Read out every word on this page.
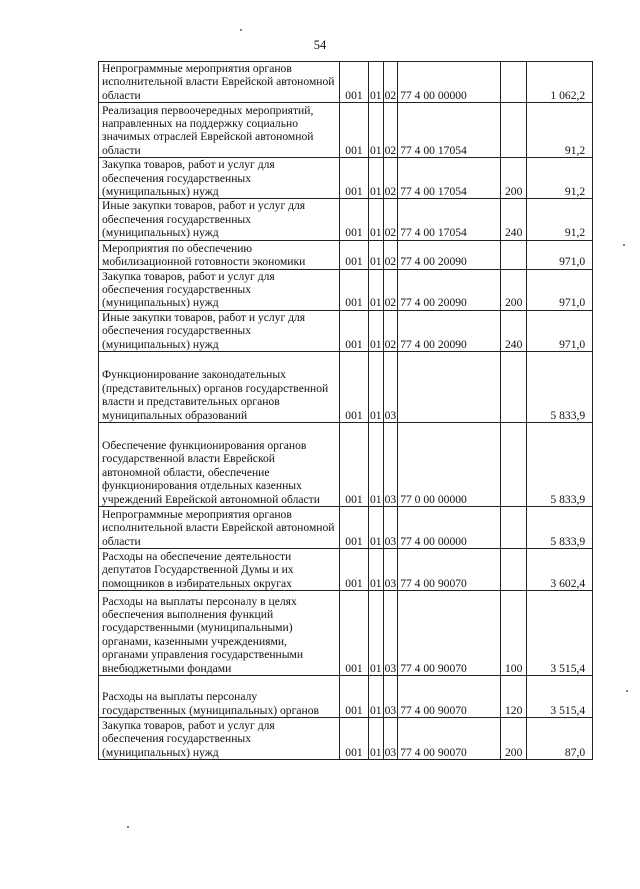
54
Непрограммные мероприятия органов исполнительной власти Еврейской автономной области	001	01	02	77 4 00 00000		1 062,2
Реализация первоочередных мероприятий, направленных на поддержку социально значимых отраслей Еврейской автономной области	001	01	02	77 4 00 17054		91,2
Закупка товаров, работ и услуг для обеспечения государственных (муниципальных) нужд	001	01	02	77 4 00 17054	200	91,2
Иные закупки товаров, работ и услуг для обеспечения государственных (муниципальных) нужд	001	01	02	77 4 00 17054	240	91,2
Мероприятия по обеспечению мобилизационной готовности экономики	001	01	02	77 4 00 20090		971,0
Закупка товаров, работ и услуг для обеспечения государственных (муниципальных) нужд	001	01	02	77 4 00 20090	200	971,0
Иные закупки товаров, работ и услуг для обеспечения государственных (муниципальных) нужд	001	01	02	77 4 00 20090	240	971,0
Функционирование законодательных (представительных) органов государственной власти и представительных органов муниципальных образований	001	01	03			5 833,9
Обеспечение функционирования органов государственной власти Еврейской автономной области, обеспечение функционирования отдельных казенных учреждений Еврейской автономной области	001	01	03	77 0 00 00000		5 833,9
Непрограммные мероприятия органов исполнительной власти Еврейской автономной области	001	01	03	77 4 00 00000		5 833,9
Расходы на обеспечение деятельности депутатов Государственной Думы и их помощников в избирательных округах	001	01	03	77 4 00 90070		3 602,4
Расходы на выплаты персоналу в целях обеспечения выполнения функций государственными (муниципальными) органами, казенными учреждениями, органами управления государственными внебюджетными фондами	001	01	03	77 4 00 90070	100	3 515,4
Расходы на выплаты персоналу государственных (муниципальных) органов	001	01	03	77 4 00 90070	120	3 515,4
Закупка товаров, работ и услуг для обеспечения государственных (муниципальных) нужд	001	01	03	77 4 00 90070	200	87,0
